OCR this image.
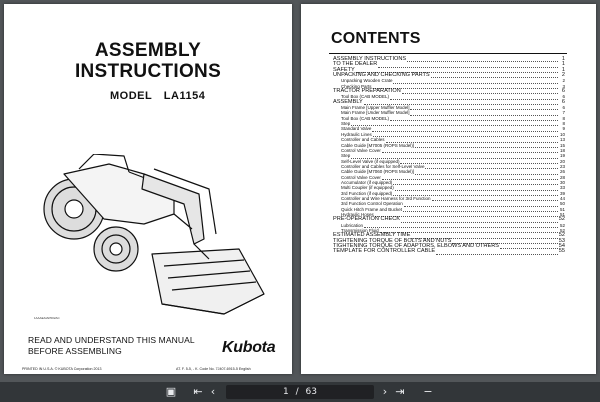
ASSEMBLY
INSTRUCTIONS
MODEL LA1154
1AAAEAIAP002AC
READ AND UNDERSTAND THIS MANUAL
BEFORE ASSEMBLING	Kubota
PRINTED IN U.S.A. © KUBOTA Corporation 2013	AT. F. 5-5, - K. Code No. 7J407-6915-5 English
CONTENTS
ASSEMBLY INSTRUCTIONS	1
TO THE DEALER	1
SAFETY	1
UNPACKING AND CHECKING PARTS	2
Unpacking Wooden Crate	2
Checking Parts	3
TRACTOR PREPARATION	6
Tool Box (CAB MODEL)	6
ASSEMBLY	6
Main Frame [Upper Muffler Model]	6
Main Frame [Under Muffler Model]	7
Tool Box (CAB MODEL)	8
Step	8
Standard Valve	9
Hydraulic Lines	10
Controller and Cables	13
Cable Guide [M7005 (ROPS Model)]	15
Control Valve Cover	18
Step	19
Self-Level Valve (if equipped)	20
Controller and Cables for Self-Level Valve	23
Cable Guide [M7060 (ROPS Model)]	26
Control Valve Cover	28
Accumulator (if equipped)	30
Multi Coupler (if equipped)	33
3rd Function (if equipped)	39
Controller and Wire Harness for 3rd Function	44
3rd Function Control Operation	50
Quick Hitch Frame and Bucket	51
Hydraulic Hoses	51
PRE-OPERATION CHECK	52
Lubrication	52
Transmission Fluid	52
ESTIMATED ASSEMBLY TIME	52
TIGHTENING TORQUE OF BOLTS AND NUTS	53
TIGHTENING TORQUE OF ADAPTORS, ELBOWS AND OTHERS	54
TEMPLATE FOR CONTROLLER CABLE	55
▣	⇤ ‹	1 / 63	› ⇥	−
